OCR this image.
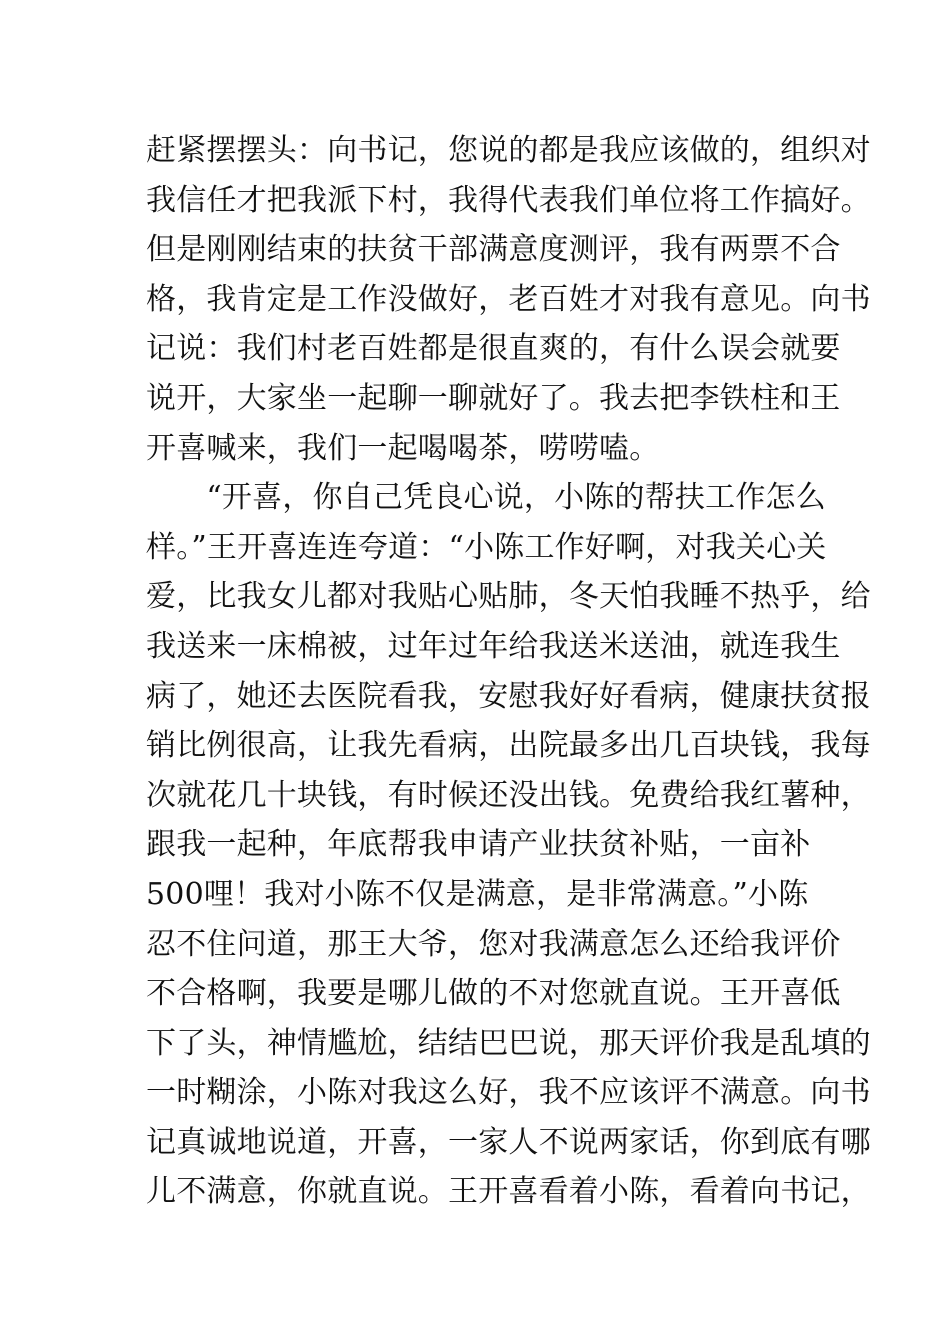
赶紧摆摆头：向书记，您说的都是我应该做的，组织对
我信任才把我派下村，我得代表我们单位将工作搞好。
但是刚刚结束的扶贫干部满意度测评，我有两票不合
格，我肯定是工作没做好，老百姓才对我有意见。向书
记说：我们村老百姓都是很直爽的，有什么误会就要
说开，大家坐一起聊一聊就好了。我去把李铁柱和王
开喜喊来，我们一起喝喝茶，唠唠嗑。
　　“开喜，你自己凭良心说，小陈的帮扶工作怎么
样。”王开喜连连夸道：“小陈工作好啊，对我关心关
爱，比我女儿都对我贴心贴肺，冬天怕我睡不热乎，给
我送来一床棉被，过年过年给我送米送油，就连我生
病了，她还去医院看我，安慰我好好看病，健康扶贫报
销比例很高，让我先看病，出院最多出几百块钱，我每
次就花几十块钱，有时候还没出钱。免费给我红薯种，
跟我一起种，年底帮我申请产业扶贫补贴，一亩补
500哩！我对小陈不仅是满意，是非常满意。”小陈
忍不住问道，那王大爷，您对我满意怎么还给我评价
不合格啊，我要是哪儿做的不对您就直说。王开喜低
下了头，神情尴尬，结结巴巴说，那天评价我是乱填的
一时糊涂，小陈对我这么好，我不应该评不满意。向书
记真诚地说道，开喜，一家人不说两家话，你到底有哪
儿不满意，你就直说。王开喜看着小陈，看着向书记，
